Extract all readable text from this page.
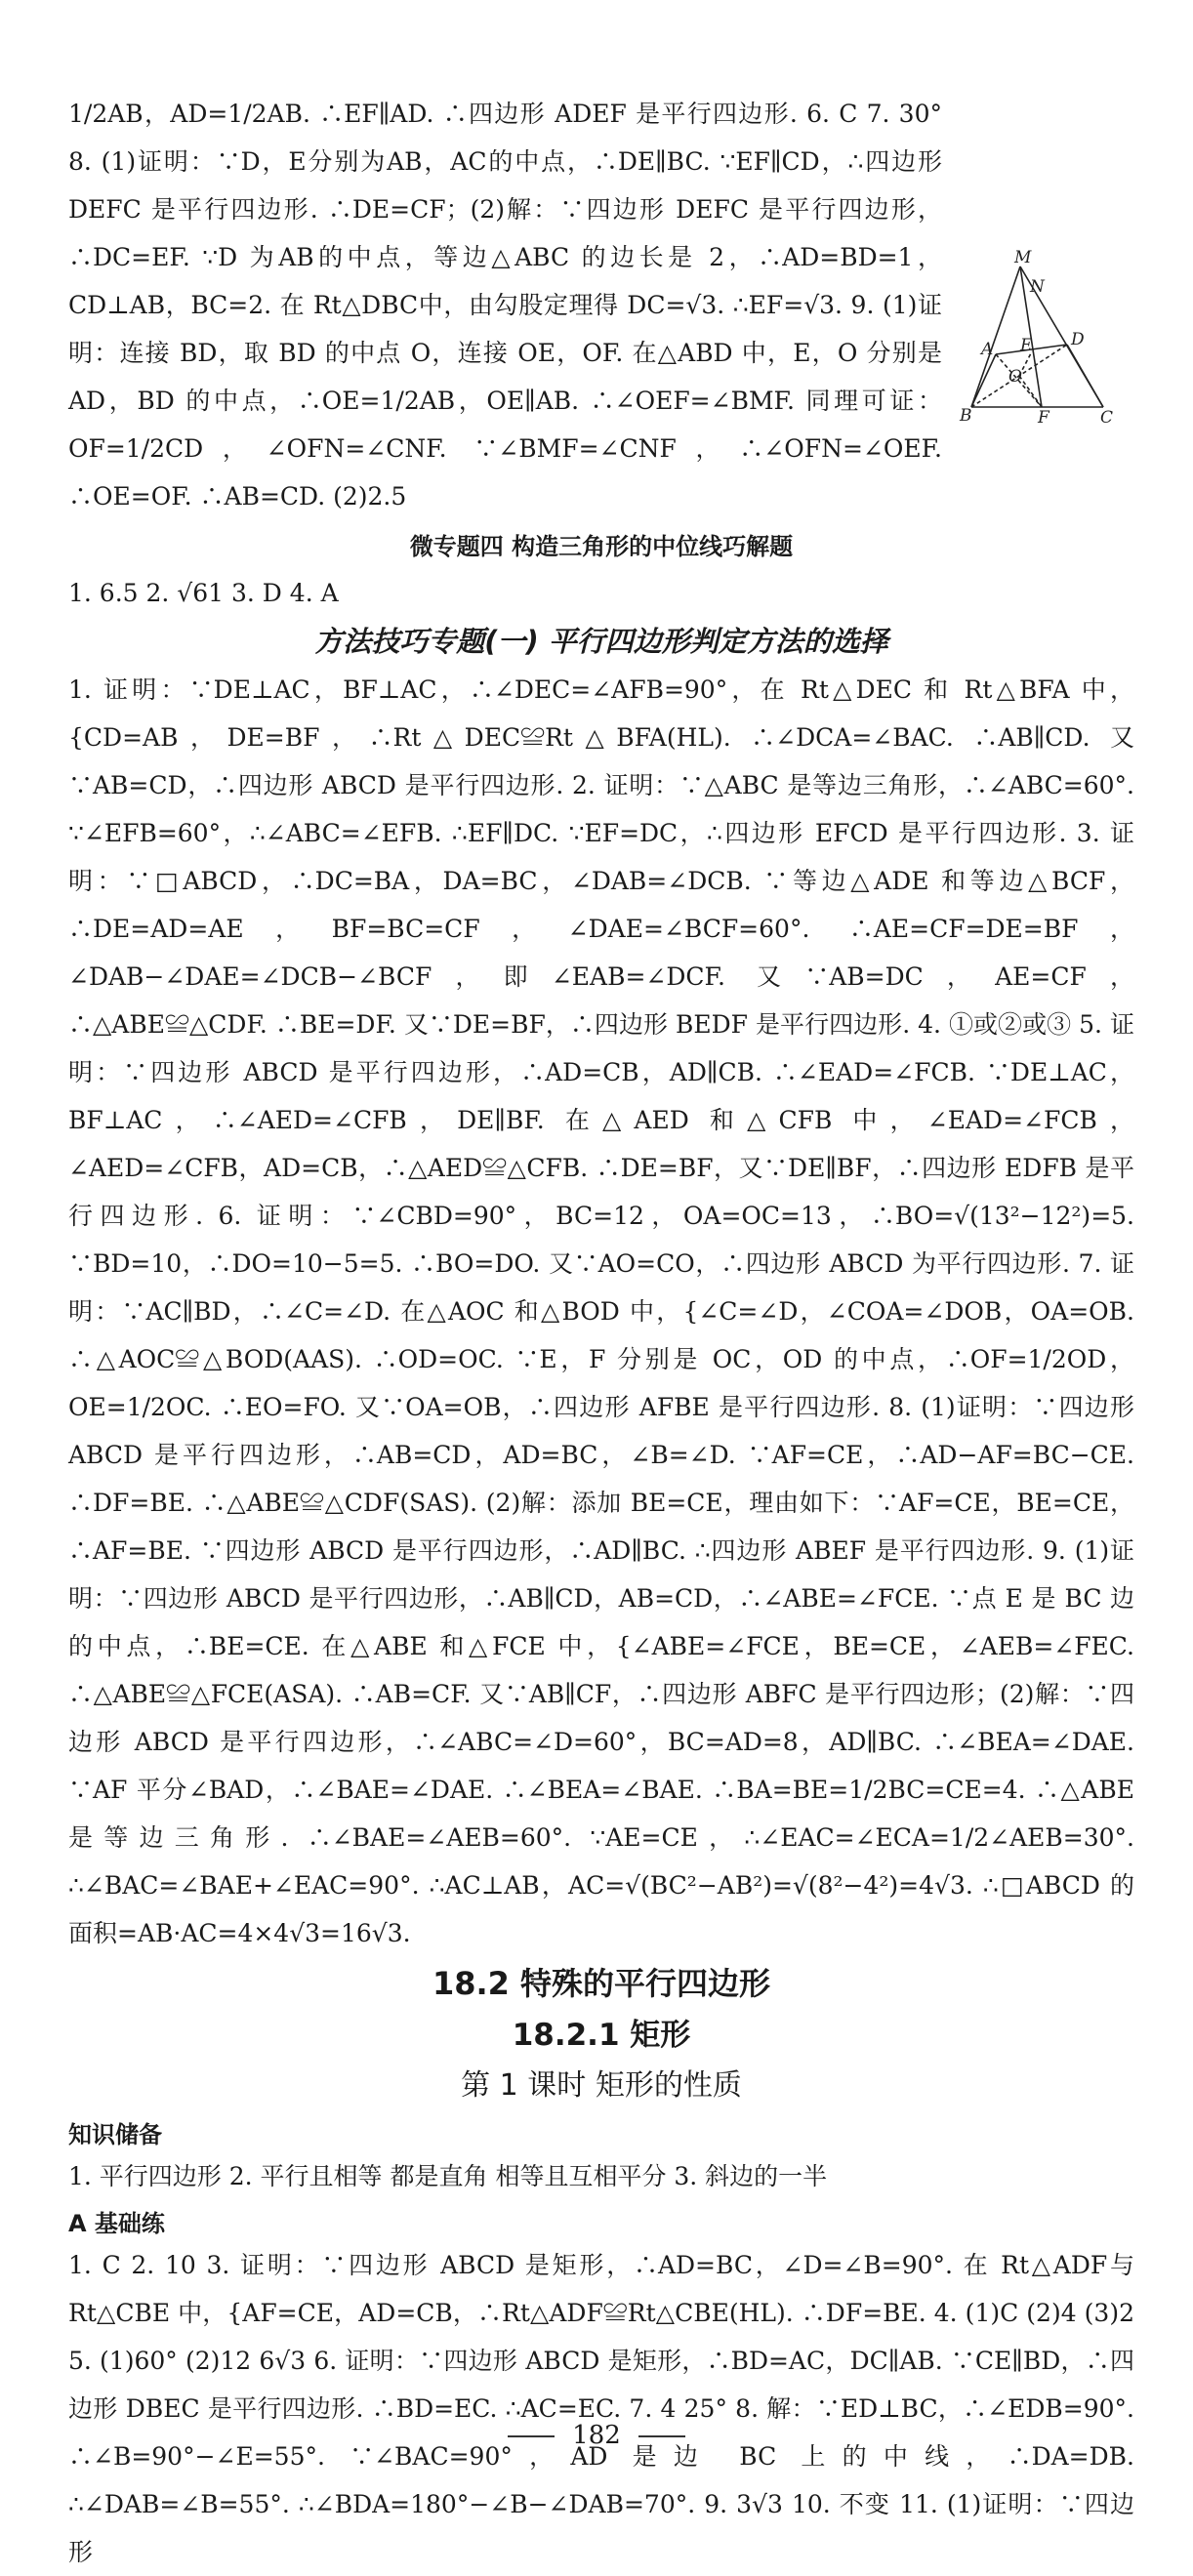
1/2AB，AD=1/2AB. ∴EF∥AD. ∴四边形 ADEF 是平行四边形. 6. C 7. 30° 8. (1)证明：∵D，E分别为AB，AC的中点，∴DE∥BC. ∵EF∥CD，∴四边形 DEFC 是平行四边形. ∴DE=CF；(2)解：∵四边形 DEFC 是平行四边形，∴DC=EF. ∵D 为AB的中点，等边△ABC 的边长是 2，∴AD=BD=1，CD⊥AB，BC=2. 在 Rt△DBC中，由勾股定理得 DC=√3. ∴EF=√3. 9. (1)证明：连接 BD，取 BD 的中点 O，连接 OE，OF. 在△ABD 中，E，O 分别是 AD，BD 的中点，∴OE=1/2AB，OE∥AB. ∴∠OEF=∠BMF. 同理可证：OF=1/2CD，∠OFN=∠CNF. ∵∠BMF=∠CNF，∴∠OFN=∠OEF. ∴OE=OF. ∴AB=CD. (2)2.5

微专题四 构造三角形的中位线巧解题

1. 6.5 2. √61 3. D 4. A

方法技巧专题(一) 平行四边形判定方法的选择

1. 证明：∵DE⊥AC，BF⊥AC，∴∠DEC=∠AFB=90°，在 Rt△DEC 和 Rt△BFA 中，{CD=AB，DE=BF，∴Rt△DEC≌Rt△BFA(HL). ∴∠DCA=∠BAC. ∴AB∥CD. 又∵AB=CD，∴四边形 ABCD 是平行四边形. 2. 证明：∵△ABC 是等边三角形，∴∠ABC=60°. ∵∠EFB=60°，∴∠ABC=∠EFB. ∴EF∥DC. ∵EF=DC，∴四边形 EFCD 是平行四边形. 3. 证明：∵□ABCD，∴DC=BA，DA=BC，∠DAB=∠DCB. ∵等边△ADE 和等边△BCF，∴DE=AD=AE，BF=BC=CF，∠DAE=∠BCF=60°. ∴AE=CF=DE=BF，∠DAB−∠DAE=∠DCB−∠BCF，即∠EAB=∠DCF. 又∵AB=DC，AE=CF，∴△ABE≌△CDF. ∴BE=DF. 又∵DE=BF，∴四边形 BEDF 是平行四边形. 4. ①或②或③ 5. 证明：∵四边形 ABCD 是平行四边形，∴AD=CB，AD∥CB. ∴∠EAD=∠FCB. ∵DE⊥AC，BF⊥AC，∴∠AED=∠CFB，DE∥BF. 在△AED 和△CFB 中，∠EAD=∠FCB，∠AED=∠CFB，AD=CB，∴△AED≌△CFB. ∴DE=BF，又∵DE∥BF，∴四边形 EDFB 是平行四边形. 6. 证明：∵∠CBD=90°，BC=12，OA=OC=13，∴BO=√(13²−12²)=5. ∵BD=10，∴DO=10−5=5. ∴BO=DO. 又∵AO=CO，∴四边形 ABCD 为平行四边形. 7. 证明：∵AC∥BD，∴∠C=∠D. 在△AOC 和△BOD 中，{∠C=∠D，∠COA=∠DOB，OA=OB. ∴△AOC≌△BOD(AAS). ∴OD=OC. ∵E，F 分别是 OC，OD 的中点，∴OF=1/2OD，OE=1/2OC. ∴EO=FO. 又∵OA=OB，∴四边形 AFBE 是平行四边形. 8. (1)证明：∵四边形 ABCD 是平行四边形，∴AB=CD，AD=BC，∠B=∠D. ∵AF=CE，∴AD−AF=BC−CE. ∴DF=BE. ∴△ABE≌△CDF(SAS). (2)解：添加 BE=CE，理由如下：∵AF=CE，BE=CE，∴AF=BE. ∵四边形 ABCD 是平行四边形，∴AD∥BC. ∴四边形 ABEF 是平行四边形. 9. (1)证明：∵四边形 ABCD 是平行四边形，∴AB∥CD，AB=CD，∴∠ABE=∠FCE. ∵点 E 是 BC 边的中点，∴BE=CE. 在△ABE 和△FCE 中，{∠ABE=∠FCE，BE=CE，∠AEB=∠FEC. ∴△ABE≌△FCE(ASA). ∴AB=CF. 又∵AB∥CF，∴四边形 ABFC 是平行四边形；(2)解：∵四边形 ABCD 是平行四边形，∴∠ABC=∠D=60°，BC=AD=8，AD∥BC. ∴∠BEA=∠DAE. ∵AF 平分∠BAD，∴∠BAE=∠DAE. ∴∠BEA=∠BAE. ∴BA=BE=1/2BC=CE=4. ∴△ABE 是等边三角形. ∴∠BAE=∠AEB=60°. ∵AE=CE，∴∠EAC=∠ECA=1/2∠AEB=30°. ∴∠BAC=∠BAE+∠EAC=90°. ∴AC⊥AB，AC=√(BC²−AB²)=√(8²−4²)=4√3. ∴□ABCD 的面积=AB·AC=4×4√3=16√3.

18.2 特殊的平行四边形
18.2.1 矩形
第 1 课时 矩形的性质
知识储备

1. 平行四边形 2. 平行且相等 都是直角 相等且互相平分 3. 斜边的一半

A 基础练

1. C 2. 10 3. 证明：∵四边形 ABCD 是矩形，∴AD=BC，∠D=∠B=90°. 在 Rt△ADF与 Rt△CBE 中，{AF=CE，AD=CB，∴Rt△ADF≌Rt△CBE(HL). ∴DF=BE. 4. (1)C (2)4 (3)2 5. (1)60° (2)12 6√3 6. 证明：∵四边形 ABCD 是矩形，∴BD=AC，DC∥AB. ∵CE∥BD，∴四边形 DBEC 是平行四边形. ∴BD=EC. ∴AC=EC. 7. 4 25° 8. 解：∵ED⊥BC，∴∠EDB=90°. ∴∠B=90°−∠E=55°. ∵∠BAC=90°，AD 是边 BC 上的中线，∴DA=DB. ∴∠DAB=∠B=55°. ∴∠BDA=180°−∠B−∠DAB=70°. 9. 3√3 10. 不变 11. (1)证明：∵四边形

M
N
A E D
O
B	F	C
182
